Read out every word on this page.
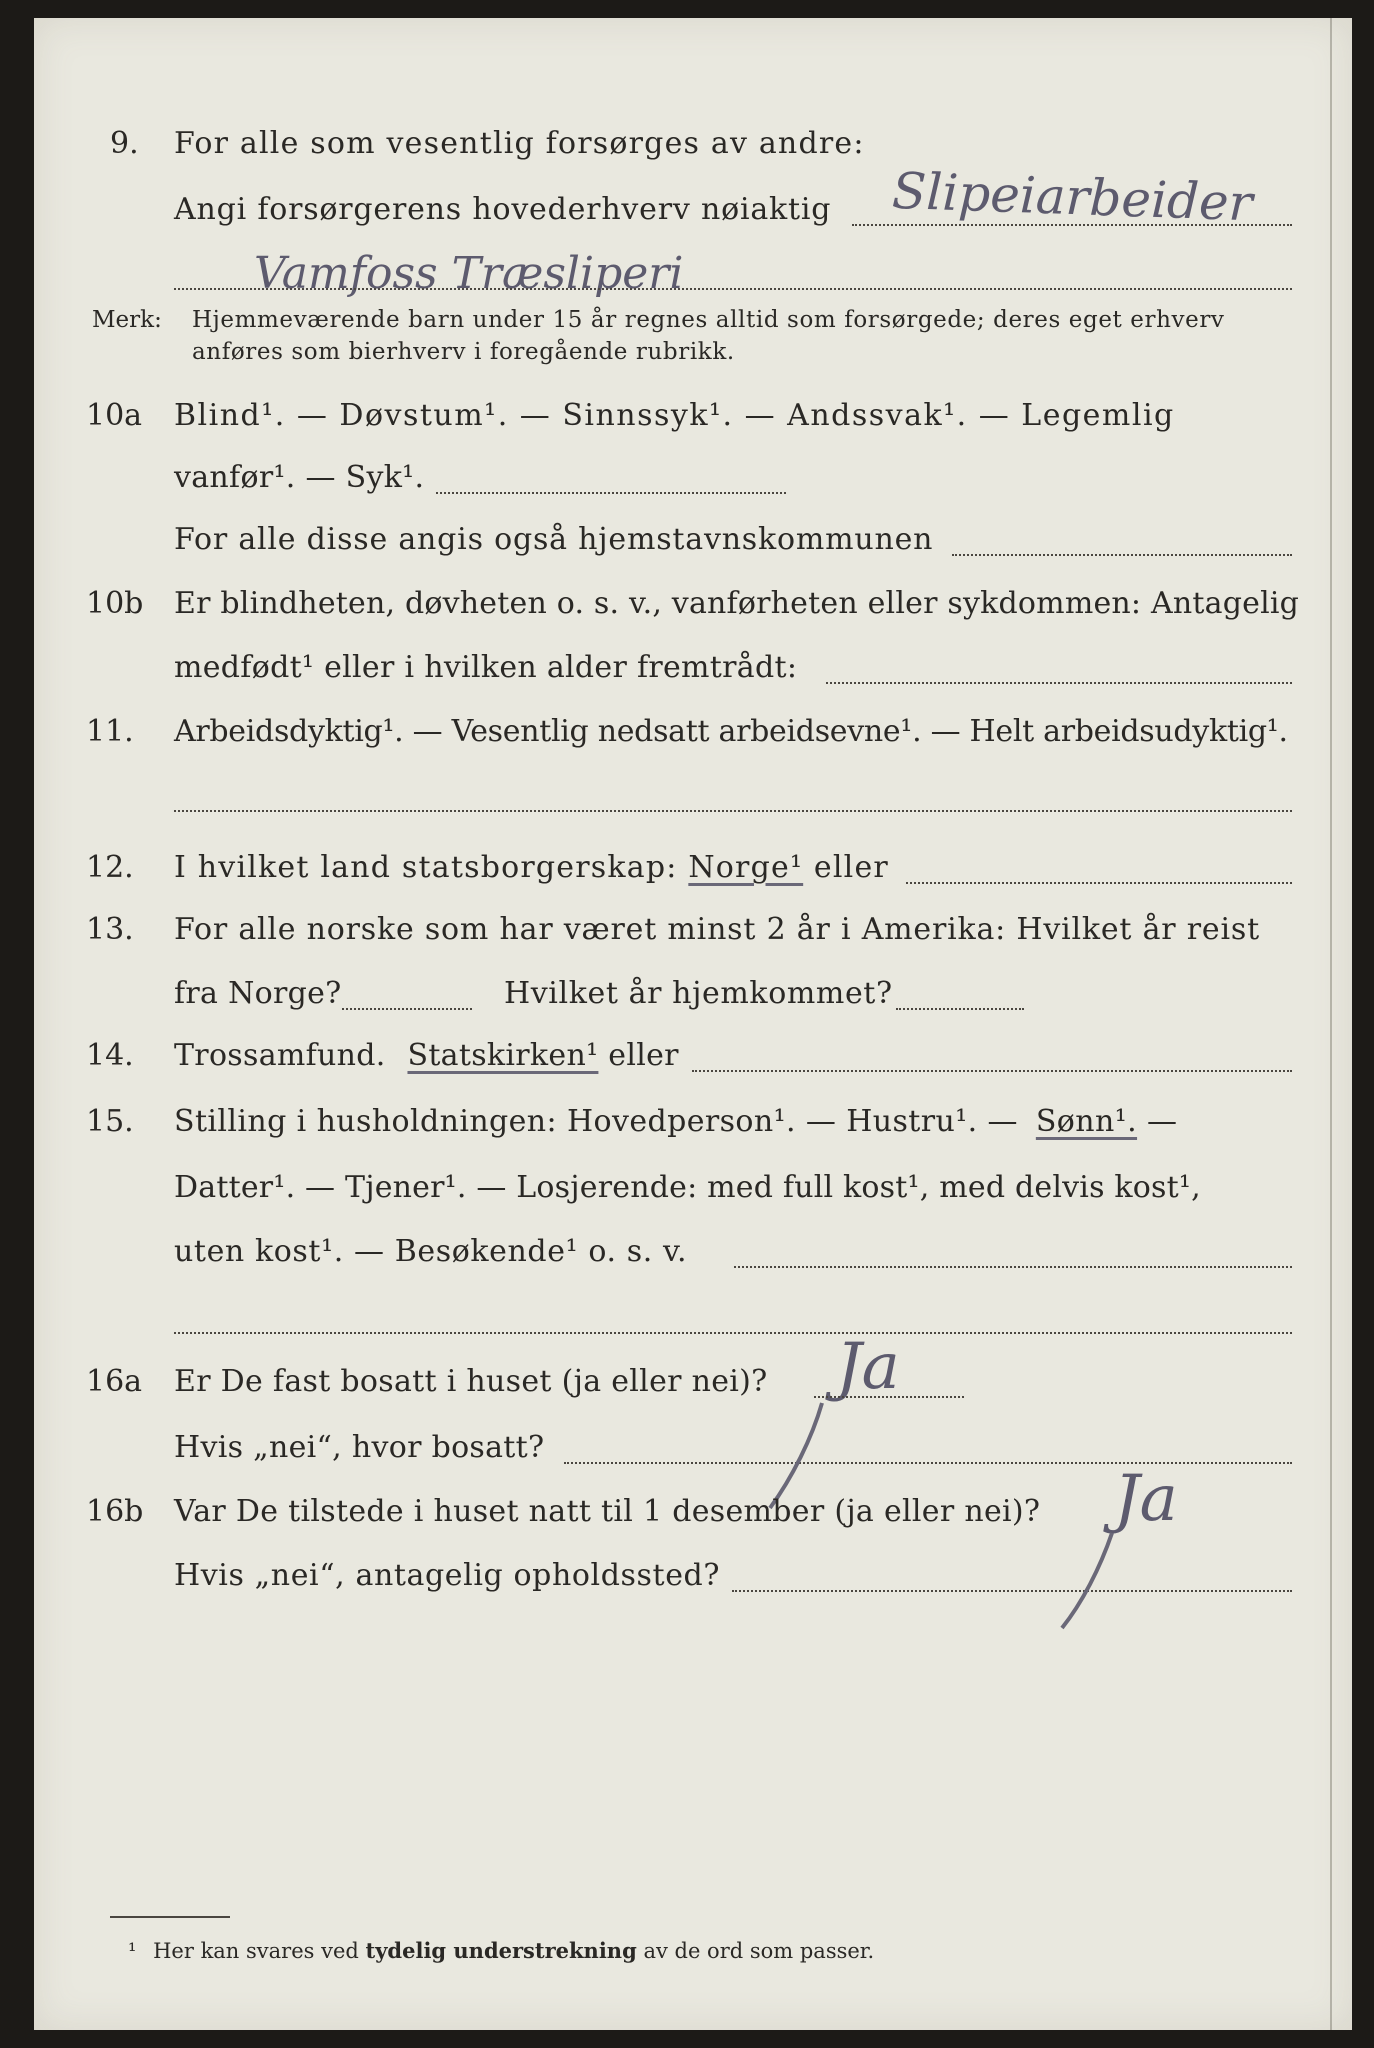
9. For alle som vesentlig forsørges av andre:
Slipeiarbeider
Angi forsørgerens hovederhverv nøiaktig
Vamfoss Træsliperi
Merk: Hjemmeværende barn under 15 år regnes alltid som forsørgede; deres eget erhverv
anføres som bierhverv i foregående rubrikk.
10a Blind¹. — Døvstum¹. — Sinnssyk¹. — Andssvak¹. — Legemlig
vanfør¹. — Syk¹.
For alle disse angis også hjemstavnskommunen
10b Er blindheten, døvheten o. s. v., vanførheten eller sykdommen: Antagelig
medfødt¹ eller i hvilken alder fremtrådt:
11. Arbeidsdyktig¹. — Vesentlig nedsatt arbeidsevne¹. — Helt arbeidsudyktig¹.
12. I hvilket land statsborgerskap: Norge¹ eller
13. For alle norske som har været minst 2 år i Amerika: Hvilket år reist
fra Norge?	Hvilket år hjemkommet?
14. Trossamfund. Statskirken¹ eller
15. Stilling i husholdningen: Hovedperson¹. — Hustru¹. — Sønn¹. —
Datter¹. — Tjener¹. — Losjerende: med full kost¹, med delvis kost¹,
uten kost¹. — Besøkende¹ o. s. v.
16a Er De fast bosatt i huset (ja eller nei)? Ja
Hvis „nei“, hvor bosatt?
16b Var De tilstede i huset natt til 1 desember (ja eller nei)? Ja
Hvis „nei“, antagelig opholdssted?
¹ Her kan svares ved tydelig understrekning av de ord som passer.
